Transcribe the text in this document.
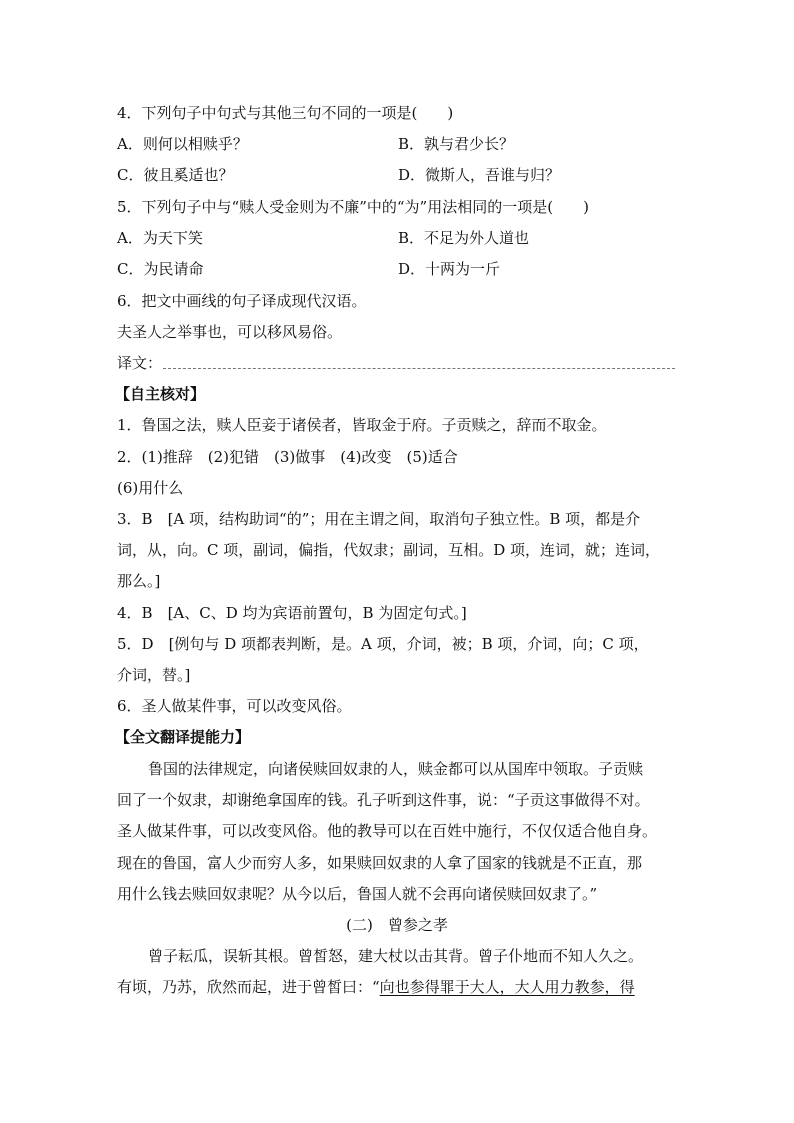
4．下列句子中句式与其他三句不同的一项是(　　)
A．则何以相赎乎？	B．孰与君少长？
C．彼且奚适也？	D．微斯人，吾谁与归？
5．下列句子中与“赎人受金则为不廉”中的“为”用法相同的一项是(　　)
A．为天下笑	B．不足为外人道也
C．为民请命	D．十两为一斤
6．把文中画线的句子译成现代汉语。
夫圣人之举事也，可以移风易俗。
译文：
【自主核对】
1．鲁国之法，赎人臣妾于诸侯者，皆取金于府。子贡赎之，辞而不取金。
2．(1)推辞　(2)犯错　(3)做事　(4)改变　(5)适合
(6)用什么
3．B　[A 项，结构助词“的”；用在主谓之间，取消句子独立性。B 项，都是介
词，从，向。C 项，副词，偏指，代奴隶；副词，互相。D 项，连词，就；连词，
那么。]
4．B　[A、C、D 均为宾语前置句，B 为固定句式。]
5．D　[例句与 D 项都表判断，是。A 项，介词，被；B 项，介词，向；C 项，
介词，替。]
6．圣人做某件事，可以改变风俗。
【全文翻译提能力】
鲁国的法律规定，向诸侯赎回奴隶的人，赎金都可以从国库中领取。子贡赎
回了一个奴隶，却谢绝拿国库的钱。孔子听到这件事，说：“子贡这事做得不对。
圣人做某件事，可以改变风俗。他的教导可以在百姓中施行，不仅仅适合他自身。
现在的鲁国，富人少而穷人多，如果赎回奴隶的人拿了国家的钱就是不正直，那
用什么钱去赎回奴隶呢？从今以后，鲁国人就不会再向诸侯赎回奴隶了。”
(二)　曾参之孝
曾子耘瓜，误斩其根。曾皙怒，建大杖以击其背。曾子仆地而不知人久之。
有顷，乃苏，欣然而起，进于曾皙曰：“向也参得罪于大人，大人用力教参，得
